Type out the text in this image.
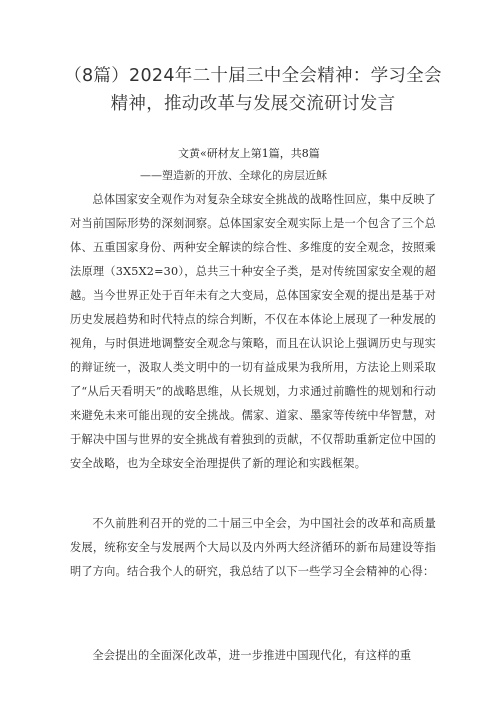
（8篇）2024年二十届三中全会精神：学习全会精神，推动改革与发展交流研讨发言
文黄«研材友上第1篇，共8篇
——塑造新的开放、全球化的房层近稣

总体国家安全观作为对复杂全球安全挑战的战略性回应，集中反映了对当前国际形势的深刻洞察。总体国家安全观实际上是一个包含了三个总体、五重国家身份、两种安全解读的综合性、多维度的安全观念，按照乘法原理（3X5X2=30），总共三十种安全子类，是对传统国家安全观的超越。当今世界正处于百年未有之大变局，总体国家安全观的提出是基于对历史发展趋势和时代特点的综合判断，不仅在本体论上展现了一种发展的视角，与时俱进地调整安全观念与策略，而且在认识论上强调历史与现实的辩证统一，汲取人类文明中的一切有益成果为我所用，方法论上则采取了“从后天看明天”的战略思维，从长规划，力求通过前瞻性的规划和行动来避免未来可能出现的安全挑战。儒家、道家、墨家等传统中华智慧，对于解决中国与世界的安全挑战有着独到的贡献，不仅帮助重新定位中国的安全战略，也为全球安全治理提供了新的理论和实践框架。

不久前胜利召开的党的二十届三中全会，为中国社会的改革和高质量发展，统称安全与发展两个大局以及内外两大经济循环的新布局建设等指明了方向。结合我个人的研究，我总结了以下一些学习全会精神的心得：

全会提出的全面深化改革，进一步推进中国现代化，有这样的重
